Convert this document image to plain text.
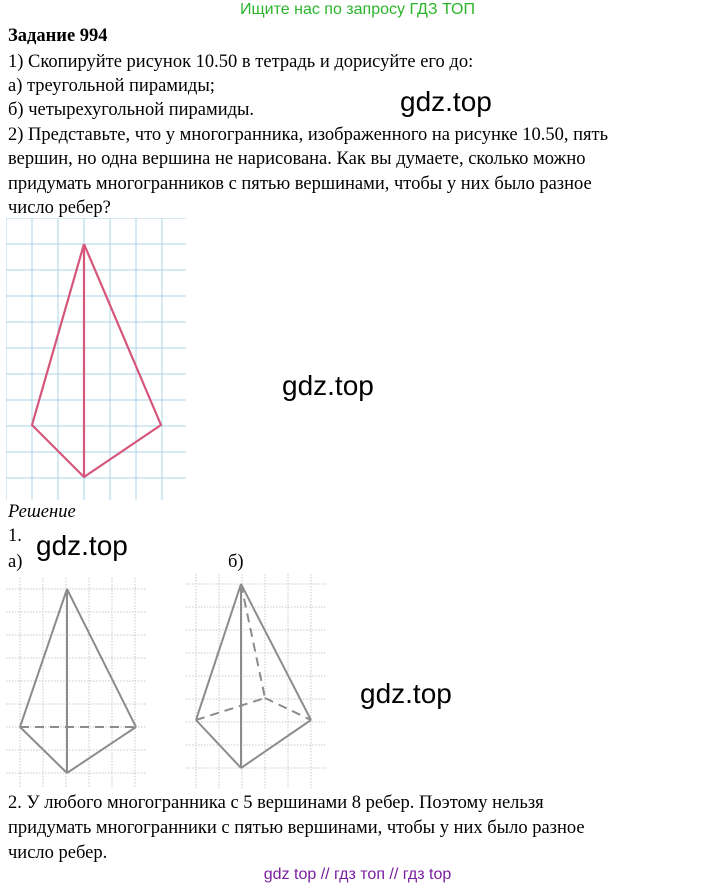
Ищите нас по запросу ГДЗ ТОП
Задание 994
1) Скопируйте рисунок 10.50 в тетрадь и дорисуйте его до:
а) треугольной пирамиды;
б) четырехугольной пирамиды.
2) Представьте, что у многогранника, изображенного на рисунке 10.50, пять
вершин, но одна вершина не нарисована. Как вы думаете, сколько можно
придумать многогранников с пятью вершинами, чтобы у них было разное
число ребер?
gdz.top
gdz.top
gdz.top
gdz.top
Решение
1.
а)	б)
2. У любого многогранника с 5 вершинами 8 ребер. Поэтому нельзя
придумать многогранники с пятью вершинами, чтобы у них было разное
число ребер.
gdz top // гдз топ // гдз top
